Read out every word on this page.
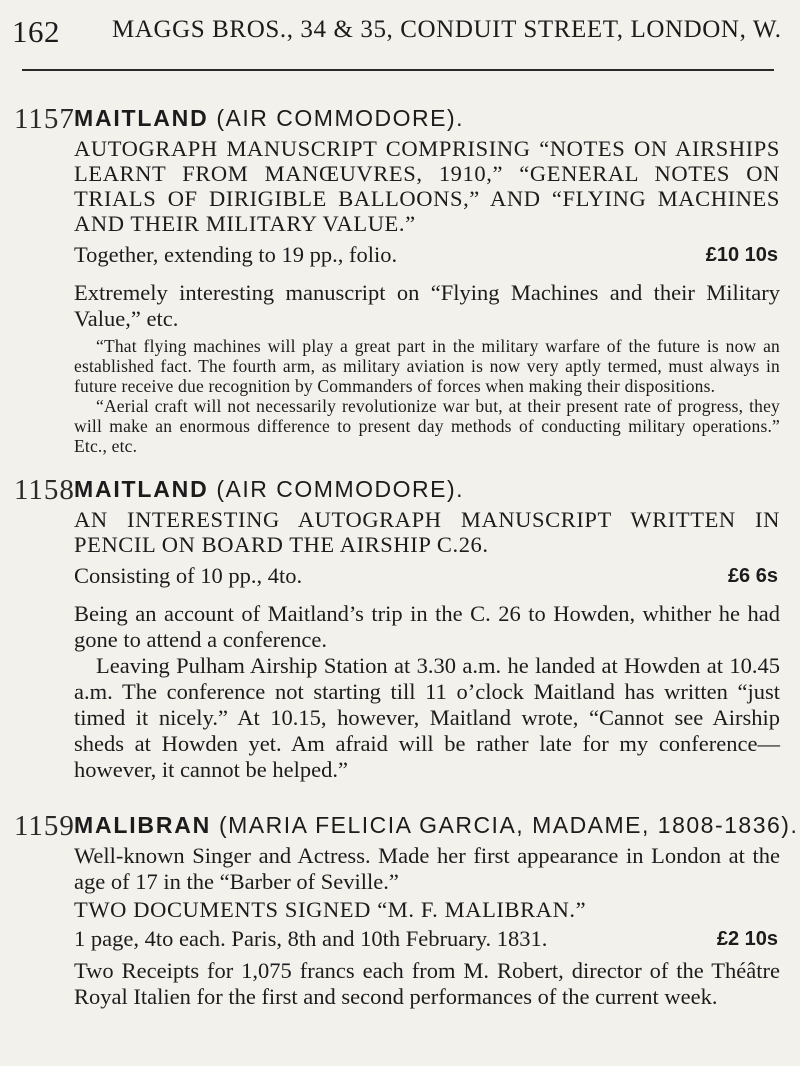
162 MAGGS BROS., 34 & 35, CONDUIT STREET, LONDON, W.
1157 MAITLAND (AIR COMMODORE).

AUTOGRAPH MANUSCRIPT COMPRISING “NOTES ON AIRSHIPS LEARNT FROM MANŒUVRES, 1910,” “GENERAL NOTES ON TRIALS OF DIRIGIBLE BALLOONS,” AND “FLYING MACHINES AND THEIR MILITARY VALUE.”

Together, extending to 19 pp., folio.	£10 10s

Extremely interesting manuscript on “Flying Machines and their Military Value,” etc.

“That flying machines will play a great part in the military warfare of the future is now an established fact. The fourth arm, as military aviation is now very aptly termed, must always in future receive due recognition by Commanders of forces when making their dispositions.

“Aerial craft will not necessarily revolutionize war but, at their present rate of progress, they will make an enormous difference to present day methods of conducting military operations.” Etc., etc.

1158 MAITLAND (AIR COMMODORE).

AN INTERESTING AUTOGRAPH MANUSCRIPT WRITTEN IN PENCIL ON BOARD THE AIRSHIP C.26.

Consisting of 10 pp., 4to.	£6 6s

Being an account of Maitland’s trip in the C. 26 to Howden, whither he had gone to attend a conference.

Leaving Pulham Airship Station at 3.30 a.m. he landed at Howden at 10.45 a.m. The conference not starting till 11 o’clock Maitland has written “just timed it nicely.” At 10.15, however, Maitland wrote, “Cannot see Airship sheds at Howden yet. Am afraid will be rather late for my conference—however, it cannot be helped.”

1159 MALIBRAN (MARIA FELICIA GARCIA, MADAME, 1808-1836).

Well-known Singer and Actress. Made her first appearance in London at the age of 17 in the “Barber of Seville.”

TWO DOCUMENTS SIGNED “M. F. MALIBRAN.”

1 page, 4to each. Paris, 8th and 10th February. 1831.	£2 10s

Two Receipts for 1,075 francs each from M. Robert, director of the Théâtre Royal Italien for the first and second performances of the current week.
